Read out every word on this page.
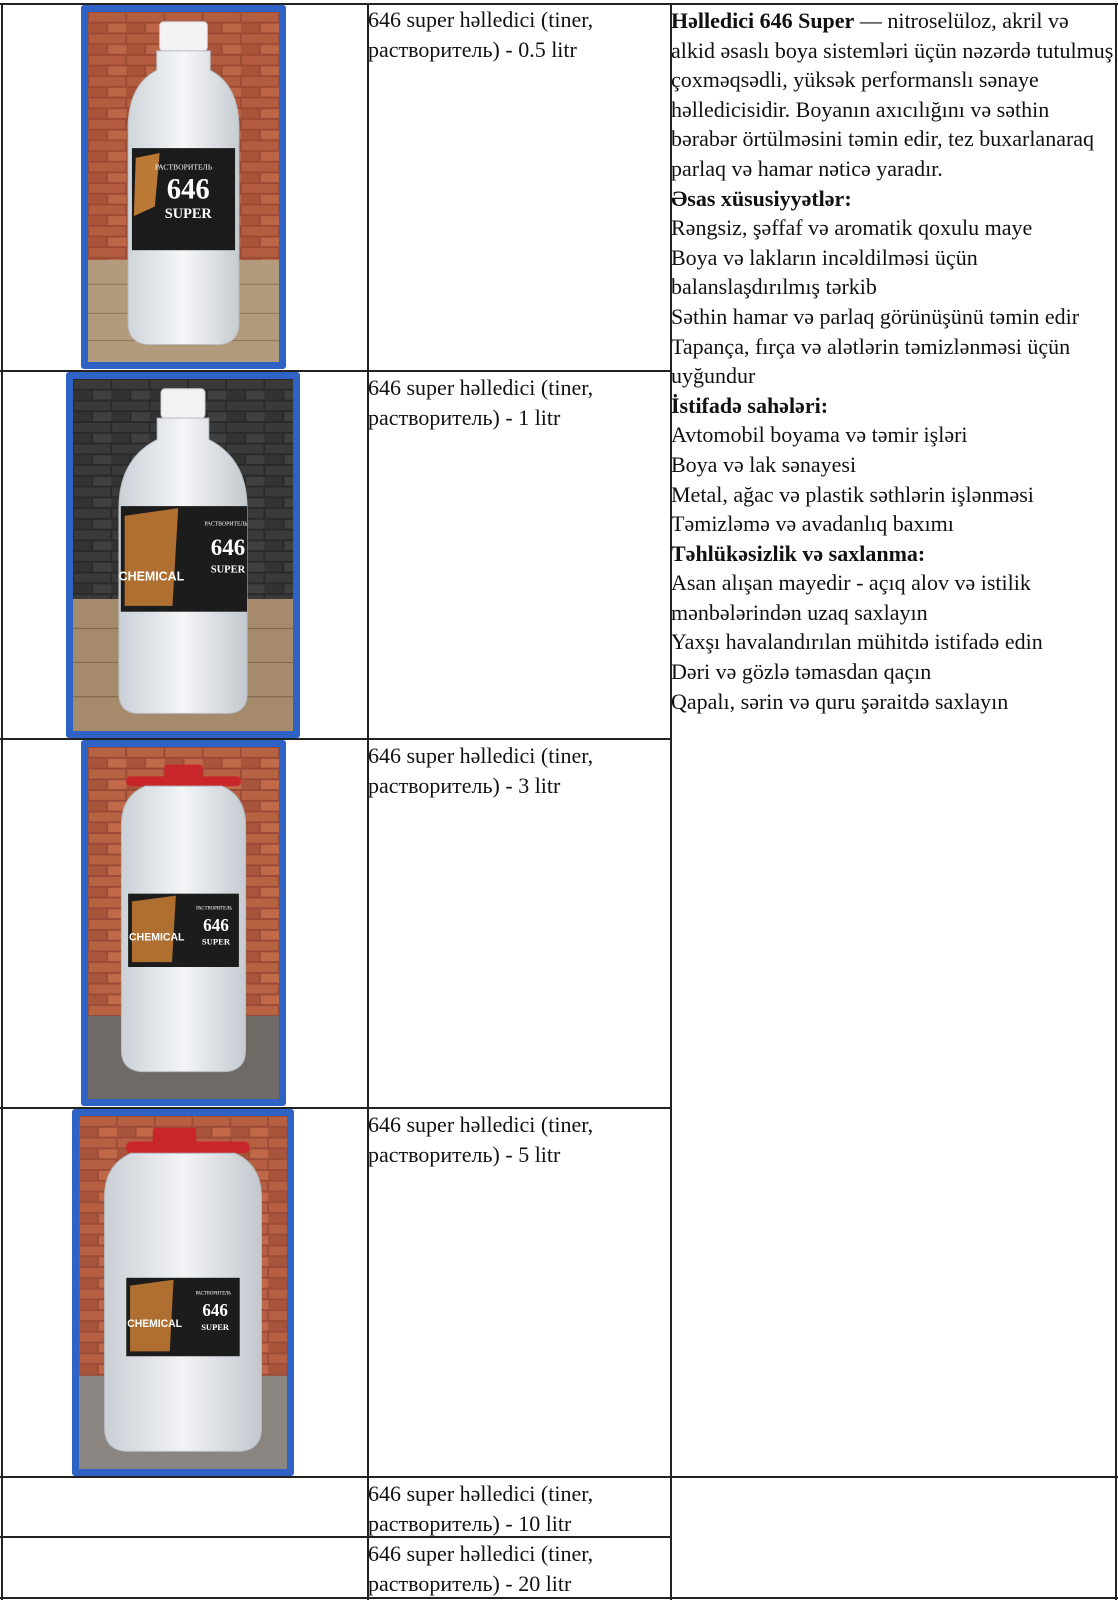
646 super həlledici (tiner, растворитель) - 0.5 litr
646 super həlledici (tiner, растворитель) - 1 litr
646 super həlledici (tiner, растворитель) - 3 litr
646 super həlledici (tiner, растворитель) - 5 litr
646 super həlledici (tiner, растворитель) - 10 litr
646 super həlledici (tiner, растворитель) - 20 litr
РАСТВОРИТЕЛЬ
646
SUPER
CHEMICAL
РАСТВОРИТЕЛЬ
646
SUPER
CHEMICAL
РАСТВОРИТЕЛЬ
646
SUPER
CHEMICAL
РАСТВОРИТЕЛЬ
646
SUPER

Həlledici 646 Super — nitroselüloz, akril və alkid əsaslı boya sistemləri üçün nəzərdə tutulmuş çoxməqsədli, yüksək performanslı sənaye həlledicisidir. Boyanın axıcılığını və səthin bərabər örtülməsini təmin edir, tez buxarlanaraq parlaq və hamar nəticə yaradır.

Əsas xüsusiyyətlər:

Rəngsiz, şəffaf və aromatik qoxulu maye

Boya və lakların incəldilməsi üçün balanslaşdırılmış tərkib

Səthin hamar və parlaq görünüşünü təmin edir

Tapança, fırça və alətlərin təmizlənməsi üçün uyğundur

İstifadə sahələri:

Avtomobil boyama və təmir işləri

Boya və lak sənayesi

Metal, ağac və plastik səthlərin işlənməsi

Təmizləmə və avadanlıq baxımı

Təhlükəsizlik və saxlanma:

Asan alışan mayedir - açıq alov və istilik mənbələrindən uzaq saxlayın

Yaxşı havalandırılan mühitdə istifadə edin

Dəri və gözlə təmasdan qaçın

Qapalı, sərin və quru şəraitdə saxlayın
